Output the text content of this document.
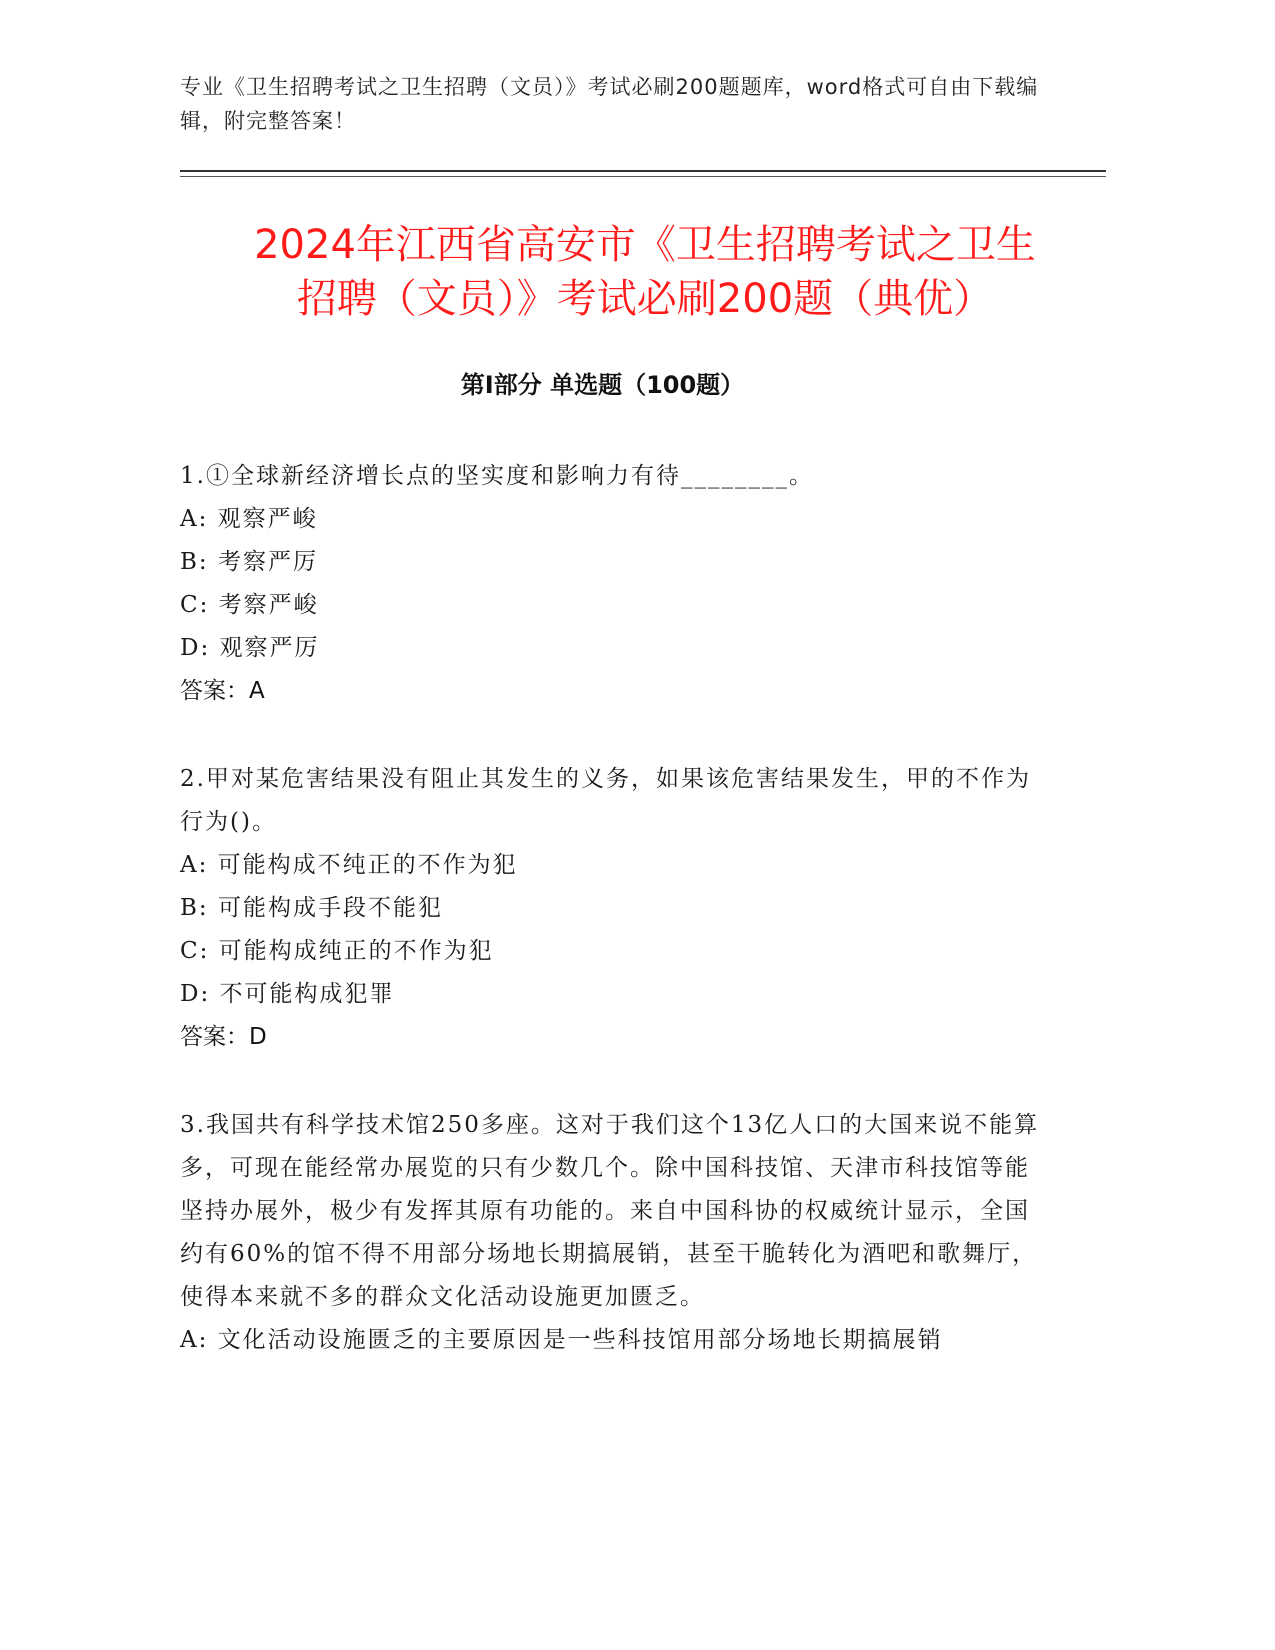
专业《卫生招聘考试之卫生招聘（文员）》考试必刷200题题库，word格式可自由下载编辑，附完整答案！
2024年江西省高安市《卫生招聘考试之卫生
招聘（文员）》考试必刷200题（典优）
第Ⅰ部分 单选题（100题）

1.①全球新经济增长点的坚实度和影响力有待________。

A: 观察严峻

B: 考察严厉

C: 考察严峻

D: 观察严厉

答案：A

2.甲对某危害结果没有阻止其发生的义务，如果该危害结果发生，甲的不作为行为()。

A: 可能构成不纯正的不作为犯

B: 可能构成手段不能犯

C: 可能构成纯正的不作为犯

D: 不可能构成犯罪

答案：D

3.我国共有科学技术馆250多座。这对于我们这个13亿人口的大国来说不能算多，可现在能经常办展览的只有少数几个。除中国科技馆、天津市科技馆等能坚持办展外，极少有发挥其原有功能的。来自中国科协的权威统计显示，全国约有60%的馆不得不用部分场地长期搞展销，甚至干脆转化为酒吧和歌舞厅，使得本来就不多的群众文化活动设施更加匮乏。

A: 文化活动设施匮乏的主要原因是一些科技馆用部分场地长期搞展销
